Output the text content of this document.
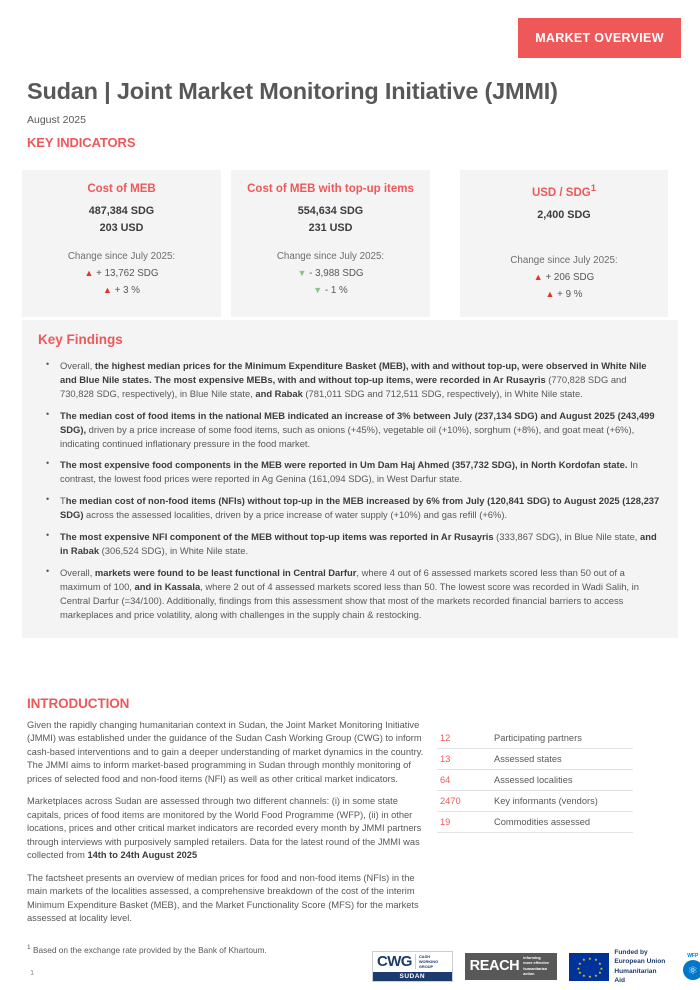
MARKET OVERVIEW
Sudan | Joint Market Monitoring Initiative (JMMI)
August 2025
KEY INDICATORS
Cost of MEB
487,384 SDG
203 USD
Change since July 2025:
▲ + 13,762 SDG
▲ + 3 %
Cost of MEB with top-up items
554,634 SDG
231 USD
Change since July 2025:
▼ - 3,988 SDG
▼ - 1 %
USD / SDG$^1$
2,400 SDG
Change since July 2025:
▲ + 206 SDG
▲ + 9 %
Key Findings
• Overall, the highest median prices for the Minimum Expenditure Basket (MEB), with and without top-up, were observed in White Nile and Blue Nile states. The most expensive MEBs, with and without top-up items, were recorded in Ar Rusayris (770,828 SDG and 730,828 SDG, respectively), in Blue Nile state, and Rabak (781,011 SDG and 712,511 SDG, respectively), in White Nile state.
• The median cost of food items in the national MEB indicated an increase of 3% between July (237,134 SDG) and August 2025 (243,499 SDG), driven by a price increase of some food items, such as onions (+45%), vegetable oil (+10%), sorghum (+8%), and goat meat (+6%), indicating continued inflationary pressure in the food market.
• The most expensive food components in the MEB were reported in Um Dam Haj Ahmed (357,732 SDG), in North Kordofan state. In contrast, the lowest food prices were reported in Ag Genina (161,094 SDG), in West Darfur state.
• The median cost of non-food items (NFIs) without top-up in the MEB increased by 6% from July (120,841 SDG) to August 2025 (128,237 SDG) across the assessed localities, driven by a price increase of water supply (+10%) and gas refill (+6%).
• The most expensive NFI component of the MEB without top-up items was reported in Ar Rusayris (333,867 SDG), in Blue Nile state, and in Rabak (306,524 SDG), in White Nile state.
• Overall, markets were found to be least functional in Central Darfur, where 4 out of 6 assessed markets scored less than 50 out of a maximum of 100, and in Kassala, where 2 out of 4 assessed markets scored less than 50. The lowest score was recorded in Wadi Salih, in Central Darfur (=34/100). Additionally, findings from this assessment show that most of the markets recorded financial barriers to access markeplaces and price volatility, along with challenges in the supply chain & restocking.
INTRODUCTION

Given the rapidly changing humanitarian context in Sudan, the Joint Market Monitoring Initiative (JMMI) was established under the guidance of the Sudan Cash Working Group (CWG) to inform cash-based interventions and to gain a deeper understanding of market dynamics in the country. The JMMI aims to inform market-based programming in Sudan through monthly monitoring of prices of selected food and non-food items (NFI) as well as other critical market indicators.

Marketplaces across Sudan are assessed through two different channels: (i) in some state capitals, prices of food items are monitored by the World Food Programme (WFP), (ii) in other locations, prices and other critical market indicators are recorded every month by JMMI partners through interviews with purposively sampled retailers. Data for the latest round of the JMMI was collected from 14th to 24th August 2025

The factsheet presents an overview of median prices for food and non-food items (NFIs) in the main markets of the localities assessed, a comprehensive breakdown of the cost of the interim Minimum Expenditure Basket (MEB), and the Market Functionality Score (MFS) for the markets assessed at locality level.

12	Participating partners
13	Assessed states
64	Assessed localities
2470	Key informants (vendors)
19	Commodities assessed
$^1$ Based on the exchange rate provided by the Bank of Khartoum.
1
CWG CASH
WORKING
GROUP
SUDAN
REACH Informing
more effective
humanitarian action
★
★ ★
★	★
★	★
★	★
★ ★
★
Funded by
European Union
Humanitarian Aid
WFP
⚛
